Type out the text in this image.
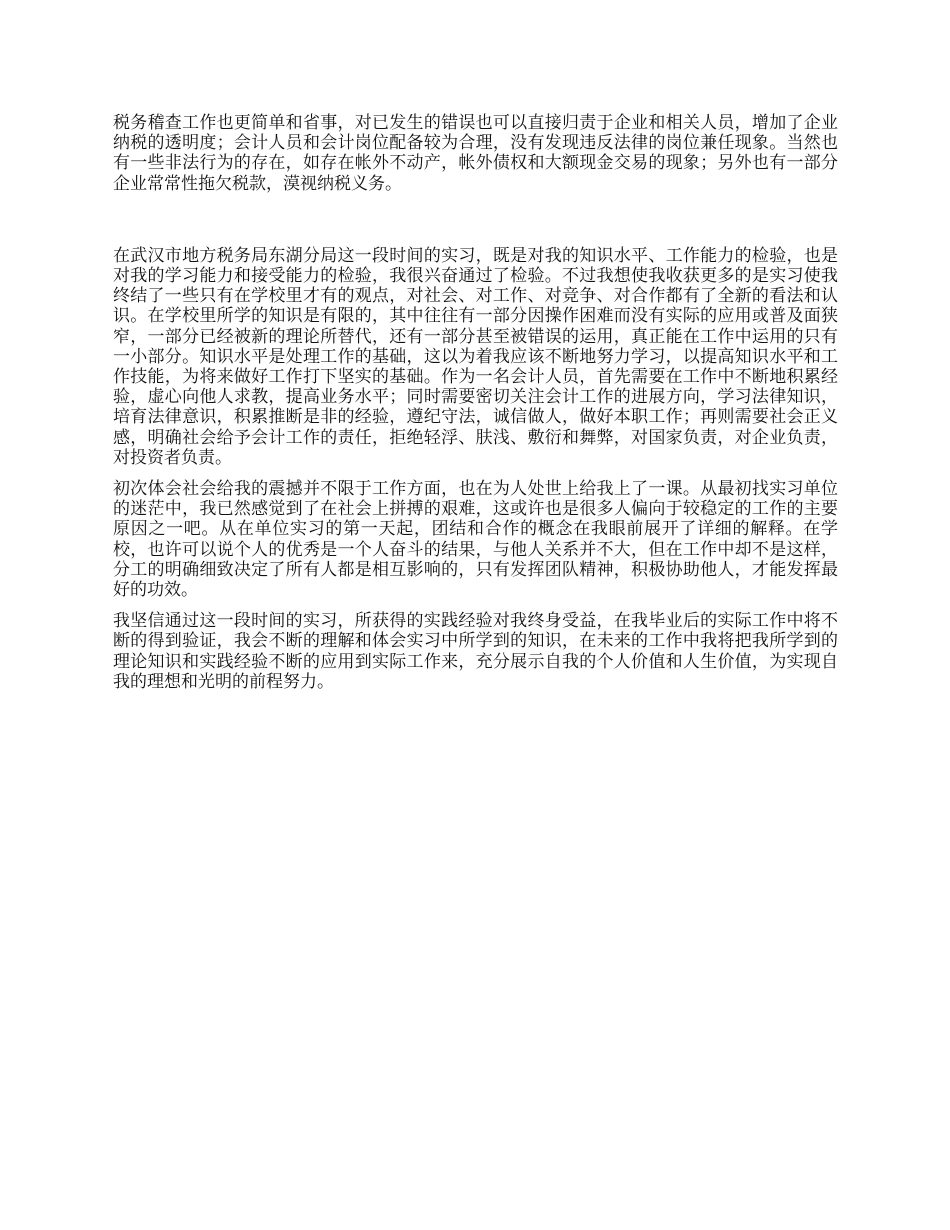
税务稽查工作也更简单和省事，对已发生的错误也可以直接归责于企业和相关人员，增加了企业纳税的透明度；会计人员和会计岗位配备较为合理，没有发现违反法律的岗位兼任现象。当然也有一些非法行为的存在，如存在帐外不动产，帐外债权和大额现金交易的现象；另外也有一部分企业常常性拖欠税款，漠视纳税义务。

在武汉市地方税务局东湖分局这一段时间的实习，既是对我的知识水平、工作能力的检验，也是对我的学习能力和接受能力的检验，我很兴奋通过了检验。不过我想使我收获更多的是实习使我终结了一些只有在学校里才有的观点，对社会、对工作、对竞争、对合作都有了全新的看法和认识。在学校里所学的知识是有限的，其中往往有一部分因操作困难而没有实际的应用或普及面狭窄，一部分已经被新的理论所替代，还有一部分甚至被错误的运用，真正能在工作中运用的只有一小部分。知识水平是处理工作的基础，这以为着我应该不断地努力学习，以提高知识水平和工作技能，为将来做好工作打下坚实的基础。作为一名会计人员，首先需要在工作中不断地积累经验，虚心向他人求教，提高业务水平；同时需要密切关注会计工作的进展方向，学习法律知识，培育法律意识，积累推断是非的经验，遵纪守法，诚信做人，做好本职工作；再则需要社会正义感，明确社会给予会计工作的责任，拒绝轻浮、肤浅、敷衍和舞弊，对国家负责，对企业负责，对投资者负责。

初次体会社会给我的震撼并不限于工作方面，也在为人处世上给我上了一课。从最初找实习单位的迷茫中，我已然感觉到了在社会上拼搏的艰难，这或许也是很多人偏向于较稳定的工作的主要原因之一吧。从在单位实习的第一天起，团结和合作的概念在我眼前展开了详细的解释。在学校，也许可以说个人的优秀是一个人奋斗的结果，与他人关系并不大，但在工作中却不是这样，分工的明确细致决定了所有人都是相互影响的，只有发挥团队精神，积极协助他人，才能发挥最好的功效。

我坚信通过这一段时间的实习，所获得的实践经验对我终身受益，在我毕业后的实际工作中将不断的得到验证，我会不断的理解和体会实习中所学到的知识，在未来的工作中我将把我所学到的理论知识和实践经验不断的应用到实际工作来，充分展示自我的个人价值和人生价值，为实现自我的理想和光明的前程努力。
